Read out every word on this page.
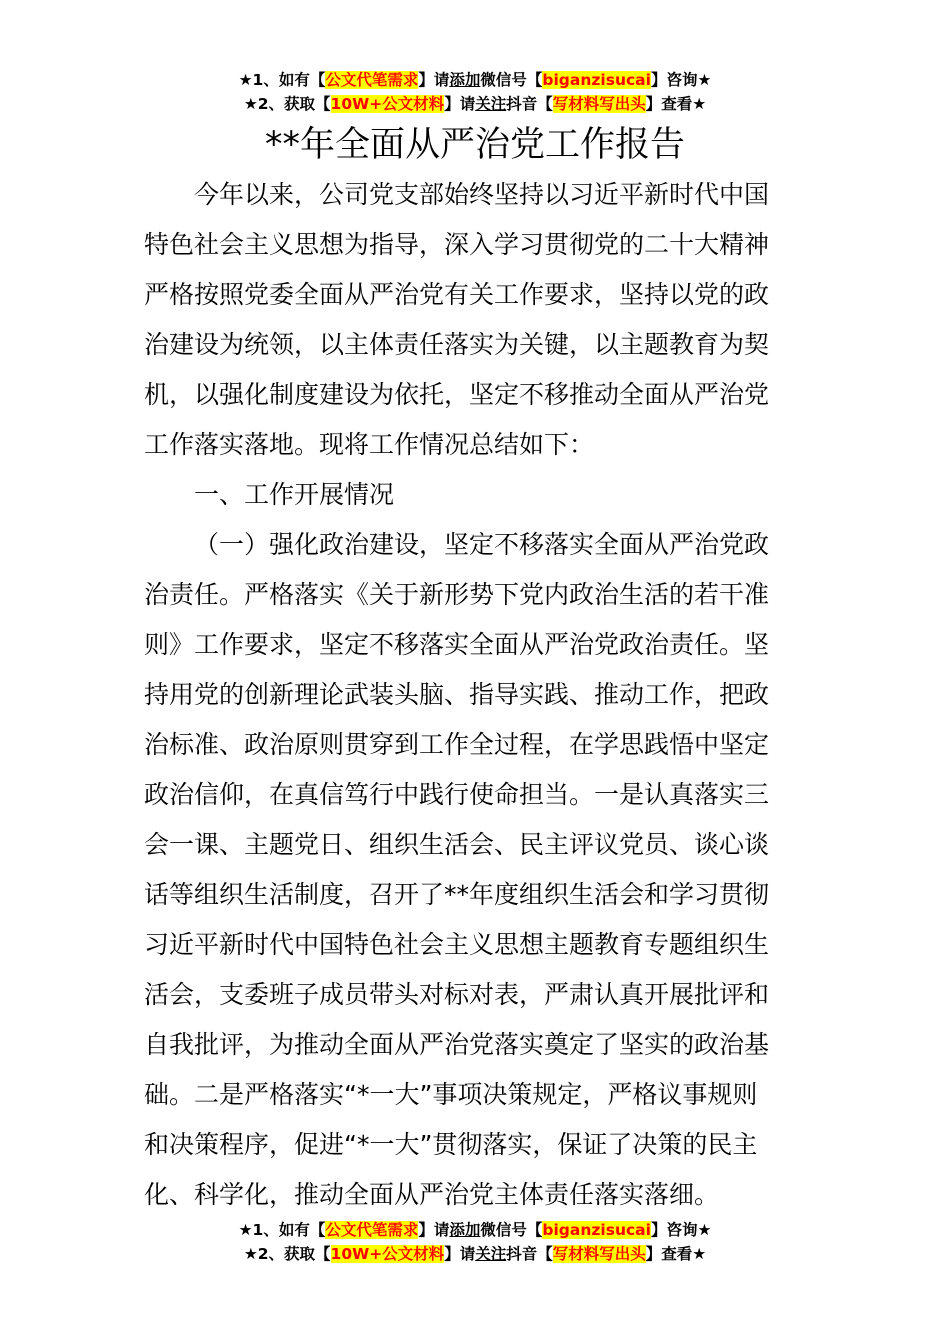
★1、如有【公文代笔需求】请添加微信号【biganzisucai】咨询★
★2、获取【10W+公文材料】请关注抖音【写材料写出头】查看★
**年全面从严治党工作报告
今年以来，公司党支部始终坚持以习近平新时代中国
特色社会主义思想为指导，深入学习贯彻党的二十大精神
严格按照党委全面从严治党有关工作要求，坚持以党的政
治建设为统领，以主体责任落实为关键，以主题教育为契
机，以强化制度建设为依托，坚定不移推动全面从严治党
工作落实落地。现将工作情况总结如下：
一、工作开展情况
（一）强化政治建设，坚定不移落实全面从严治党政
治责任。严格落实《关于新形势下党内政治生活的若干准
则》工作要求，坚定不移落实全面从严治党政治责任。坚
持用党的创新理论武装头脑、指导实践、推动工作，把政
治标准、政治原则贯穿到工作全过程，在学思践悟中坚定
政治信仰，在真信笃行中践行使命担当。一是认真落实三
会一课、主题党日、组织生活会、民主评议党员、谈心谈
话等组织生活制度，召开了**年度组织生活会和学习贯彻
习近平新时代中国特色社会主义思想主题教育专题组织生
活会，支委班子成员带头对标对表，严肃认真开展批评和
自我批评，为推动全面从严治党落实奠定了坚实的政治基
础。二是严格落实“*一大”事项决策规定，严格议事规则
和决策程序，促进“*一大”贯彻落实，保证了决策的民主
化、科学化，推动全面从严治党主体责任落实落细。
★1、如有【公文代笔需求】请添加微信号【biganzisucai】咨询★
★2、获取【10W+公文材料】请关注抖音【写材料写出头】查看★
